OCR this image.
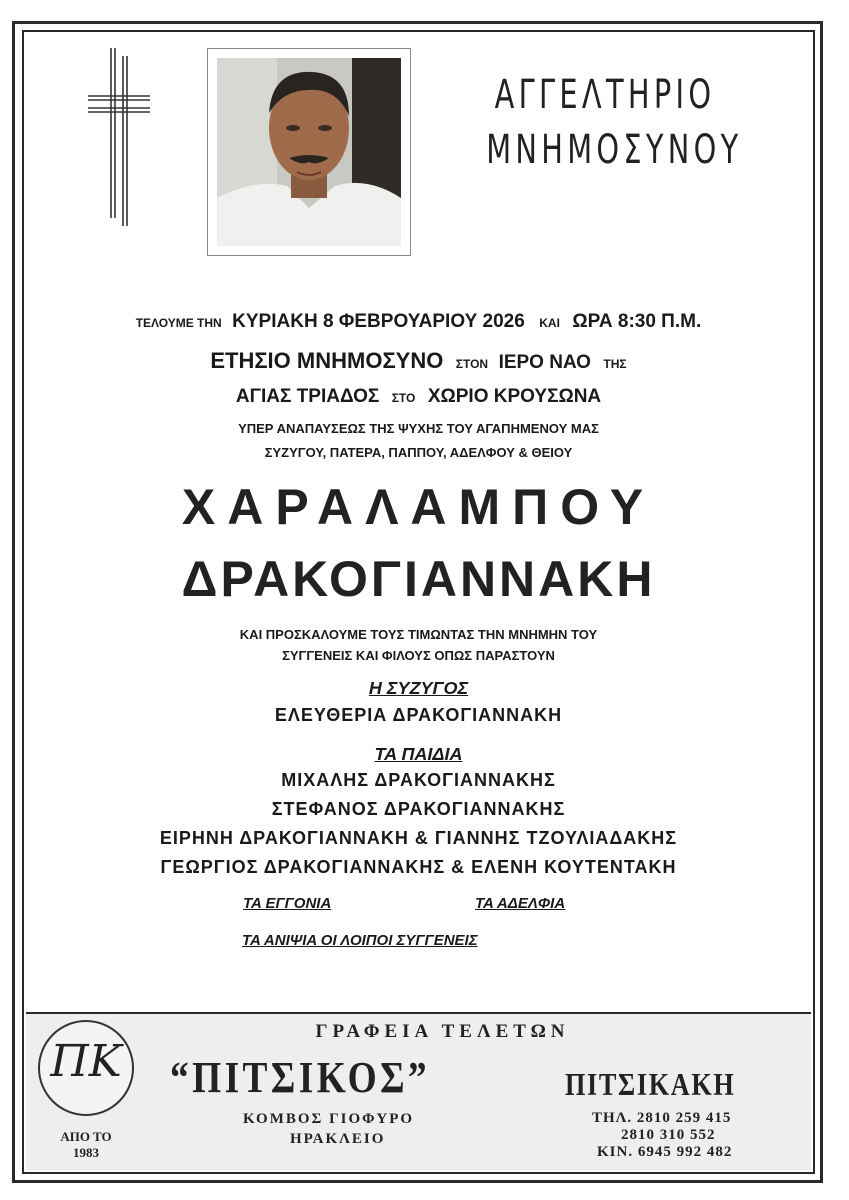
ΑΓΓΕΛΤΗΡΙΟ
ΜΝΗΜΟΣΥΝΟΥ
ΤΕΛΟΥΜΕ ΤΗΝ ΚΥΡΙΑΚΗ 8 ΦΕΒΡΟΥΑΡΙΟΥ 2026 ΚΑΙ ΩΡΑ 8:30 Π.Μ.
ΕΤΗΣΙΟ ΜΝΗΜΟΣΥΝΟ ΣΤΟΝ ΙΕΡΟ ΝΑΟ ΤΗΣ
ΑΓΙΑΣ ΤΡΙΑΔΟΣ ΣΤΟ ΧΩΡΙΟ ΚΡΟΥΣΩΝΑ
ΥΠΕΡ ΑΝΑΠΑΥΣΕΩΣ ΤΗΣ ΨΥΧΗΣ ΤΟΥ ΑΓΑΠΗΜΕΝΟΥ ΜΑΣ
ΣΥΖΥΓΟΥ, ΠΑΤΕΡΑ, ΠΑΠΠΟΥ, ΑΔΕΛΦΟΥ & ΘΕΙΟΥ
ΧΑΡΑΛΑΜΠΟΥ
ΔΡΑΚΟΓΙΑΝΝΑΚΗ
ΚΑΙ ΠΡΟΣΚΑΛΟΥΜΕ ΤΟΥΣ ΤΙΜΩΝΤΑΣ ΤΗΝ ΜΝΗΜΗΝ ΤΟΥ
ΣΥΓΓΕΝΕΙΣ ΚΑΙ ΦΙΛΟΥΣ ΟΠΩΣ ΠΑΡΑΣΤΟΥΝ
Η ΣΥΖΥΓΟΣ
ΕΛΕΥΘΕΡΙΑ ΔΡΑΚΟΓΙΑΝΝΑΚΗ
ΤΑ ΠΑΙΔΙΑ
ΜΙΧΑΛΗΣ ΔΡΑΚΟΓΙΑΝΝΑΚΗΣ
ΣΤΕΦΑΝΟΣ ΔΡΑΚΟΓΙΑΝΝΑΚΗΣ
ΕΙΡΗΝΗ ΔΡΑΚΟΓΙΑΝΝΑΚΗ & ΓΙΑΝΝΗΣ ΤΖΟΥΛΙΑΔΑΚΗΣ
ΓΕΩΡΓΙΟΣ ΔΡΑΚΟΓΙΑΝΝΑΚΗΣ & ΕΛΕΝΗ ΚΟΥΤΕΝΤΑΚΗ
ΤΑ ΕΓΓΟΝΙΑ	ΤΑ ΑΔΕΛΦΙΑ
ΤΑ ΑΝΙΨΙΑ ΟΙ ΛΟΙΠΟΙ ΣΥΓΓΕΝΕΙΣ
ΠΚ
ΑΠΟ ΤΟ
1983
ΓΡΑΦΕΙΑ ΤΕΛΕΤΩΝ
“ΠΙΤΣΙΚΟΣ”	ΠΙΤΣΙΚΑΚΗ
ΚΟΜΒΟΣ ΓΙΟΦΥΡΟ
ΗΡΑΚΛΕΙΟ
ΤΗΛ. 2810 259 415
2810 310 552
ΚΙΝ. 6945 992 482
